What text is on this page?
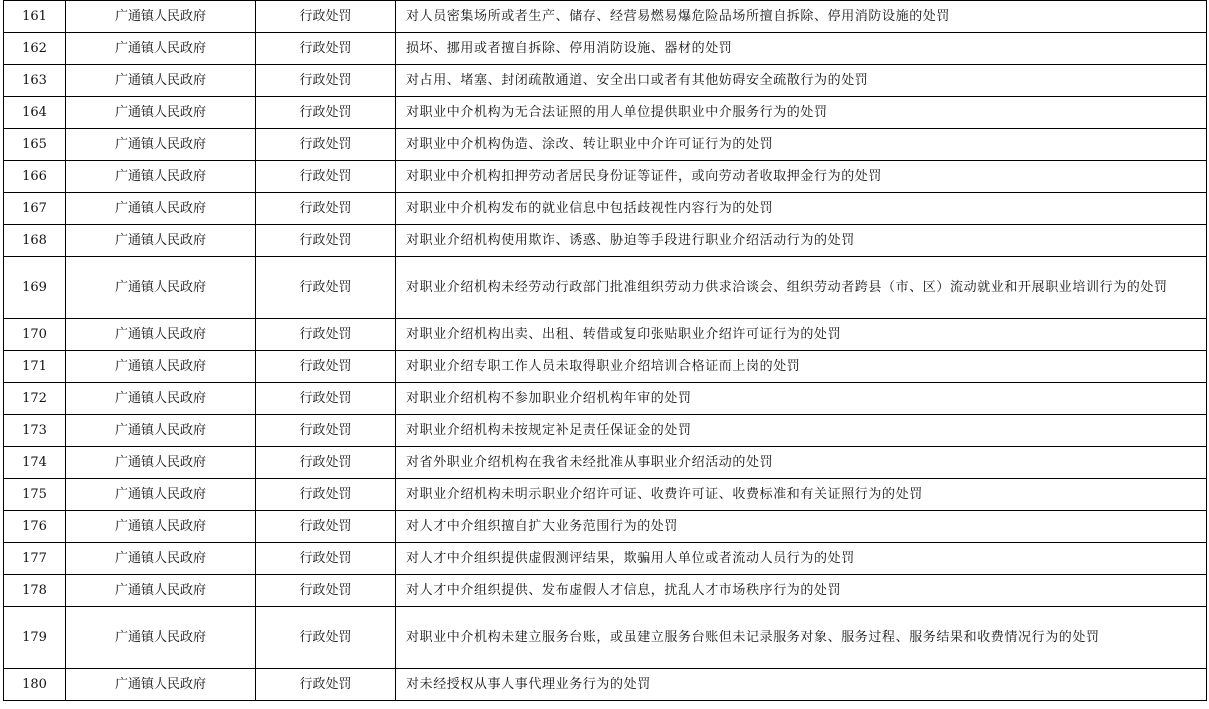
161	广通镇人民政府	行政处罚	对人员密集场所或者生产、储存、经营易燃易爆危险品场所擅自拆除、停用消防设施的处罚
162	广通镇人民政府	行政处罚	损坏、挪用或者擅自拆除、停用消防设施、器材的处罚
163	广通镇人民政府	行政处罚	对占用、堵塞、封闭疏散通道、安全出口或者有其他妨碍安全疏散行为的处罚
164	广通镇人民政府	行政处罚	对职业中介机构为无合法证照的用人单位提供职业中介服务行为的处罚
165	广通镇人民政府	行政处罚	对职业中介机构伪造、涂改、转让职业中介许可证行为的处罚
166	广通镇人民政府	行政处罚	对职业中介机构扣押劳动者居民身份证等证件，或向劳动者收取押金行为的处罚
167	广通镇人民政府	行政处罚	对职业中介机构发布的就业信息中包括歧视性内容行为的处罚
168	广通镇人民政府	行政处罚	对职业介绍机构使用欺诈、诱惑、胁迫等手段进行职业介绍活动行为的处罚
169	广通镇人民政府	行政处罚	对职业介绍机构未经劳动行政部门批准组织劳动力供求洽谈会、组织劳动者跨县（市、区）流动就业和开展职业培训行为的处罚
170	广通镇人民政府	行政处罚	对职业介绍机构出卖、出租、转借或复印张贴职业介绍许可证行为的处罚
171	广通镇人民政府	行政处罚	对职业介绍专职工作人员未取得职业介绍培训合格证而上岗的处罚
172	广通镇人民政府	行政处罚	对职业介绍机构不参加职业介绍机构年审的处罚
173	广通镇人民政府	行政处罚	对职业介绍机构未按规定补足责任保证金的处罚
174	广通镇人民政府	行政处罚	对省外职业介绍机构在我省未经批准从事职业介绍活动的处罚
175	广通镇人民政府	行政处罚	对职业介绍机构未明示职业介绍许可证、收费许可证、收费标准和有关证照行为的处罚
176	广通镇人民政府	行政处罚	对人才中介组织擅自扩大业务范围行为的处罚
177	广通镇人民政府	行政处罚	对人才中介组织提供虚假测评结果，欺骗用人单位或者流动人员行为的处罚
178	广通镇人民政府	行政处罚	对人才中介组织提供、发布虚假人才信息，扰乱人才市场秩序行为的处罚
179	广通镇人民政府	行政处罚	对职业中介机构未建立服务台账，或虽建立服务台账但未记录服务对象、服务过程、服务结果和收费情况行为的处罚
180	广通镇人民政府	行政处罚	对未经授权从事人事代理业务行为的处罚
